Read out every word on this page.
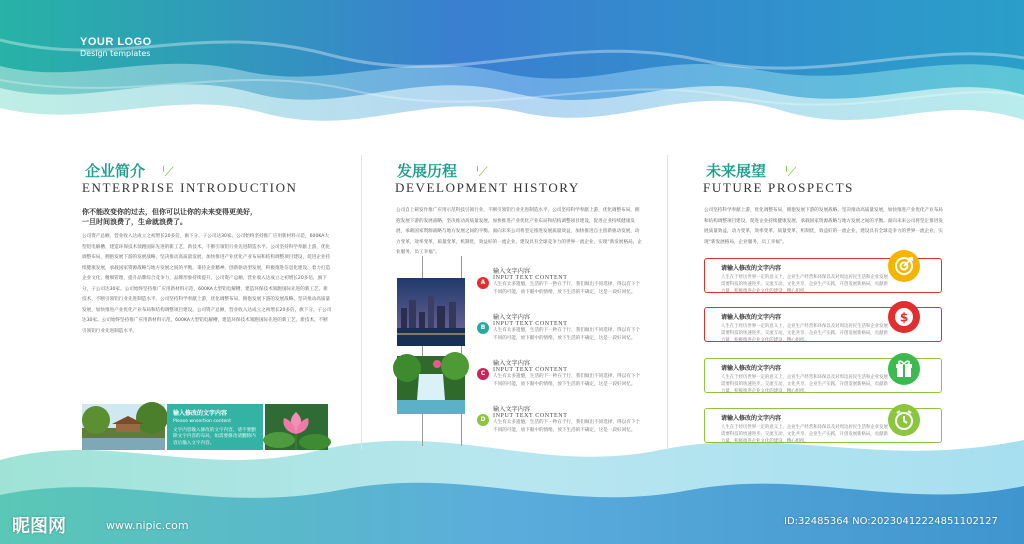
YOUR LOGO
Design templates
企业简介 ᑊ⟋
ENTERPRISE INTRODUCTION
你不能改变你的过去，但你可以让你的未来变得更美好，
一旦时间浪费了，生命就浪费了。
公司资产总额，营业收入达成立之初增长20多倍，旗下分、子公司达30家。公司始终坚持推广应用新材料示范，600KA大型铝电解槽，建造环保技术领跑国际先进的新工艺，新技术，不断引领铝行业先进制造水平。公司坚持科学奉献上游，优化调整布局，拥抱发展下游的发展战略，坚决推动高质量发展，加快推进产业优化产业布局和结构调整项目建设，促进企业持续健康发展，承载国家资源战略与地方发展之间的平衡。秉持企业精神，创新驱动型发展，积极推进信息化建设，着力打造企业文化，精细管理，提升品牌综合竞争力，品牌形象持续提升。公司资产总额，营业收入达成立之初增长20多倍，旗下分、子公司达30家。公司始终坚持推广应用新材料示范，600KA大型铝电解槽，建造环保技术领跑国际先进的新工艺，新技术，不断引领铝行业先进制造水平。公司坚持科学奉献上游，优化调整布局，拥抱发展下游的发展战略，坚决推动高质量发展，加快推进产业优化产业布局和结构调整项目建设。公司资产总额，营业收入达成立之初增长20多倍，旗下分、子公司达30家。公司始终坚持推广应用新材料示范，600KA大型铝电解槽，建造环保技术领跑国际先进的新工艺，新技术，不断引领铝行业先进制造水平。
输入修改的文字内容
Please wnsertion content
文字内容输入修改的文字内容，请不要删除文字内容的布局，如需要修改请删除内容后输入文字内容。
发展历程 ᑊ⟋
DEVELOPMENT HISTORY
公司自上研发作推广应用示范科技引领行业，不断引领铝行业先进制造水平。公司坚持科学奉献上游，优化调整布局，拥抱发展下游的发展战略，坚决推动高质量发展，加快推进产业优化产业布局和结构调整项目建设，促进企业持续健康发展，承载国家资源战略与地方发展之间的平衡。面向未来公司将坚定推进发展质量效益，加快推进自主创新驱动发展，动力变革，效率变革，质量变革，机制优，效益好的一流企业，建设具有全球竞争力的世界一流企业，实现“新发展格局，企业服务，员工幸福”。
A
输入文字内容
INPUT TEXT CONTENT
人生有太多遗憾，生活的下一秒在于行，我们做出不同选择，得以有下个不同的可能，放下眼中的情绪，放下生活的不确定，这是一段好回忆。
B
输入文字内容
INPUT TEXT CONTENT
人生有太多遗憾，生活的下一秒在于行，我们做出不同选择，得以有下个不同的可能，放下眼中的情绪，放下生活的不确定，这是一段好回忆。
C
输入文字内容
INPUT TEXT CONTENT
人生有太多遗憾，生活的下一秒在于行，我们做出不同选择，得以有下个不同的可能，放下眼中的情绪，放下生活的不确定，这是一段好回忆。
D
输入文字内容
INPUT TEXT CONTENT
人生有太多遗憾，生活的下一秒在于行，我们做出不同选择，得以有下个不同的可能，放下眼中的情绪，放下生活的不确定，这是一段好回忆。
未来展望 ᑊ⟋
FUTURE PROSPECTS
公司坚持科学奉献上游，优化调整布局，拥抱发展下游的发展战略，坚决推动高质量发展，加快推进产业优化产业布局和结构调整项目建设，促进企业持续健康发展，承载国家资源战略与地方发展之间的平衡。面向未来公司将坚定推进发展质量效益，动力变革，效率变革，质量变革，机制优，效益好的一流企业，建设具有全球竞争力的世界一流企业，实现“新发展格局，企业服务，员工幸福”。
请输入修改的文字内容
人生在于经历世界一定的意义上，企业生产经营和环保以及对周边居民生活和企业发展需要科技的快速进步。交流互动，文化共享，企业生产实践，开创发展新格局，贡献新力量，积极推进企业文化的建设，精心组织。
请输入修改的文字内容
人生在于经历世界一定的意义上，企业生产经营和环保以及对周边居民生活和企业发展需要科技的快速进步。交流互动，文化共享，企业生产实践，开创发展新格局，贡献新力量，积极推进企业文化的建设，精心组织。
请输入修改的文字内容
人生在于经历世界一定的意义上，企业生产经营和环保以及对周边居民生活和企业发展需要科技的快速进步。交流互动，文化共享，企业生产实践，开创发展新格局，贡献新力量，积极推进企业文化的建设，精心组织。
请输入修改的文字内容
人生在于经历世界一定的意义上，企业生产经营和环保以及对周边居民生活和企业发展需要科技的快速进步。交流互动，文化共享，企业生产实践，开创发展新格局，贡献新力量，积极推进企业文化的建设，精心组织。
$
昵图网	www.nipic.com	ID:32485364 NO:20230412224851102127
